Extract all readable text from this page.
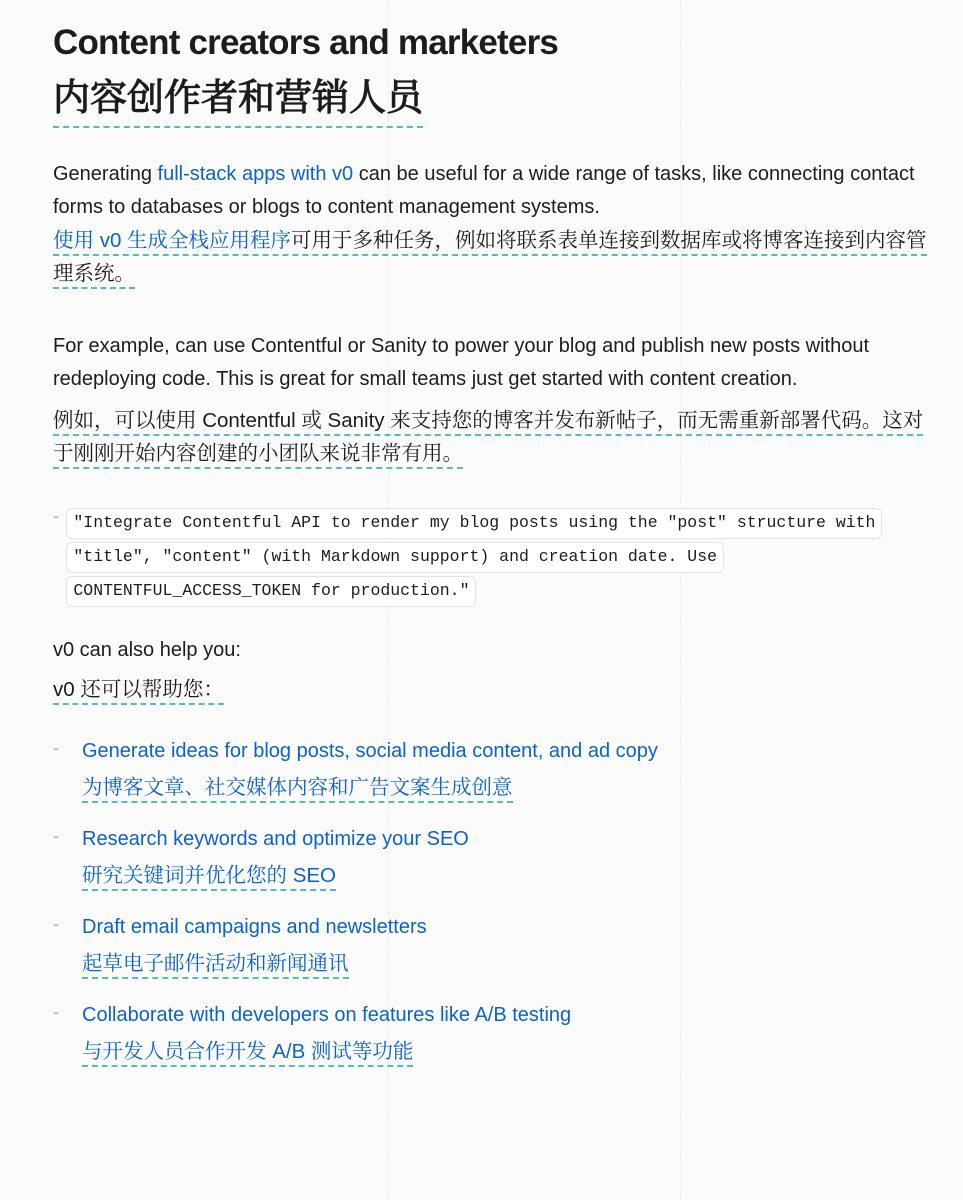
Content creators and marketers
内容创作者和营销人员

Generating full-stack apps with v0 can be useful for a wide range of tasks, like connecting contact forms to databases or blogs to content management systems.

使用 v0 生成全栈应用程序可用于多种任务，例如将联系表单连接到数据库或将博客连接到内容管理系统。

For example, can use Contentful or Sanity to power your blog and publish new posts without redeploying code. This is great for small teams just get started with content creation.

例如，可以使用 Contentful 或 Sanity 来支持您的博客并发布新帖子，而无需重新部署代码。这对于刚刚开始内容创建的小团队来说非常有用。

- "Integrate Contentful API to render my blog posts using the "post" structure with "title", "content" (with Markdown support) and creation date. Use CONTENTFUL_ACCESS_TOKEN for production."

v0 can also help you:

v0 还可以帮助您：

-	Generate ideas for blog posts, social media content, and ad copy
为博客文章、社交媒体内容和广告文案生成创意
-	Research keywords and optimize your SEO
研究关键词并优化您的 SEO
-	Draft email campaigns and newsletters
起草电子邮件活动和新闻通讯
-	Collaborate with developers on features like A/B testing
与开发人员合作开发 A/B 测试等功能
